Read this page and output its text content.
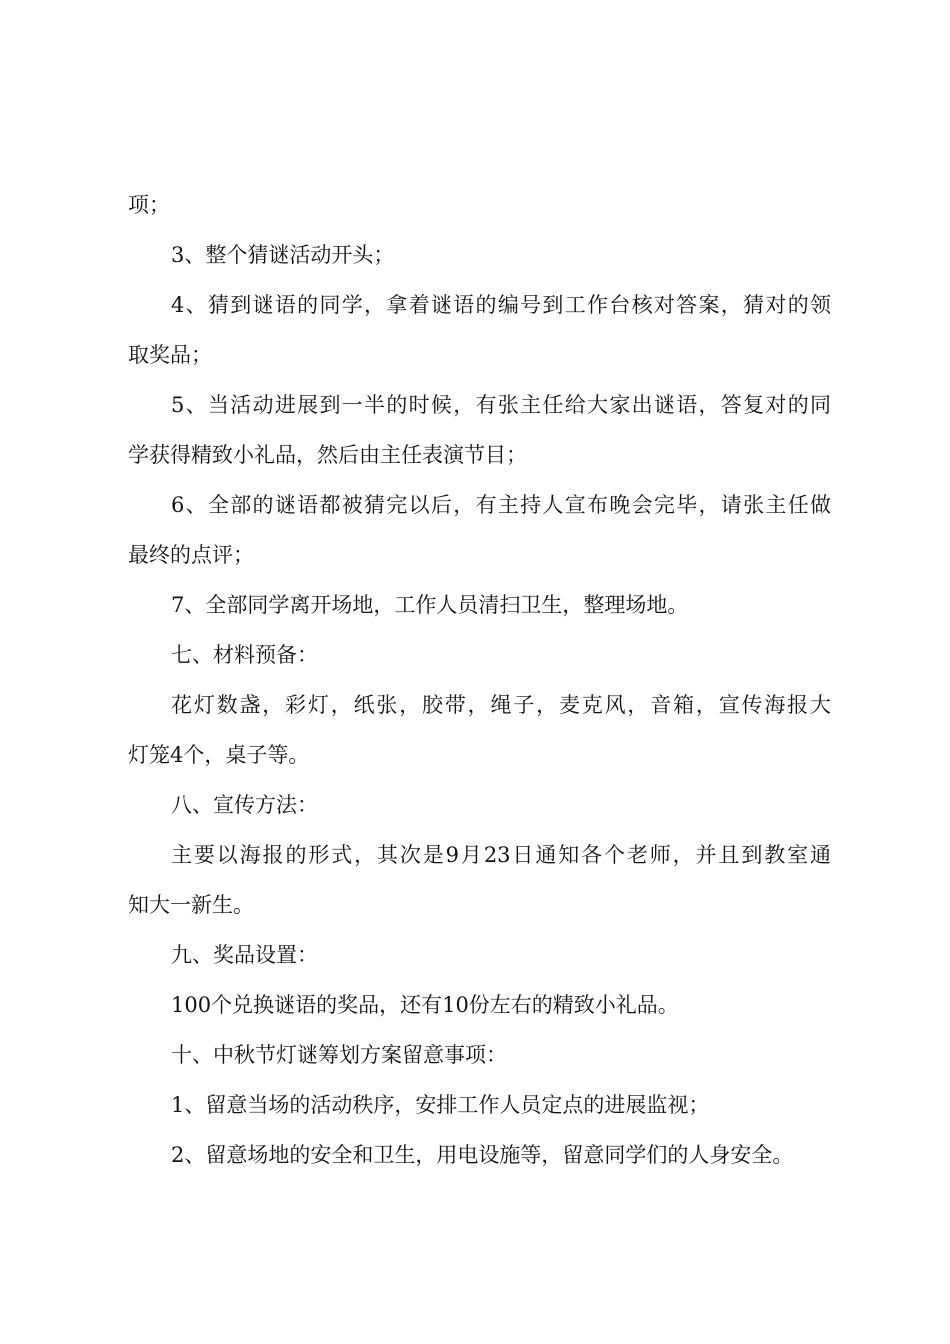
项；
3、整个猜谜活动开头；
4、猜到谜语的同学，拿着谜语的编号到工作台核对答案，猜对的领
取奖品；
5、当活动进展到一半的时候，有张主任给大家出谜语，答复对的同
学获得精致小礼品，然后由主任表演节目；
6、全部的谜语都被猜完以后，有主持人宣布晚会完毕，请张主任做
最终的点评；
7、全部同学离开场地，工作人员清扫卫生，整理场地。
七、材料预备：
花灯数盏，彩灯，纸张，胶带，绳子，麦克风，音箱，宣传海报大
灯笼4个，桌子等。
八、宣传方法：
主要以海报的形式，其次是9月23日通知各个老师，并且到教室通
知大一新生。
九、奖品设置：
100个兑换谜语的奖品，还有10份左右的精致小礼品。
十、中秋节灯谜筹划方案留意事项：
1、留意当场的活动秩序，安排工作人员定点的进展监视；
2、留意场地的安全和卫生，用电设施等，留意同学们的人身安全。
